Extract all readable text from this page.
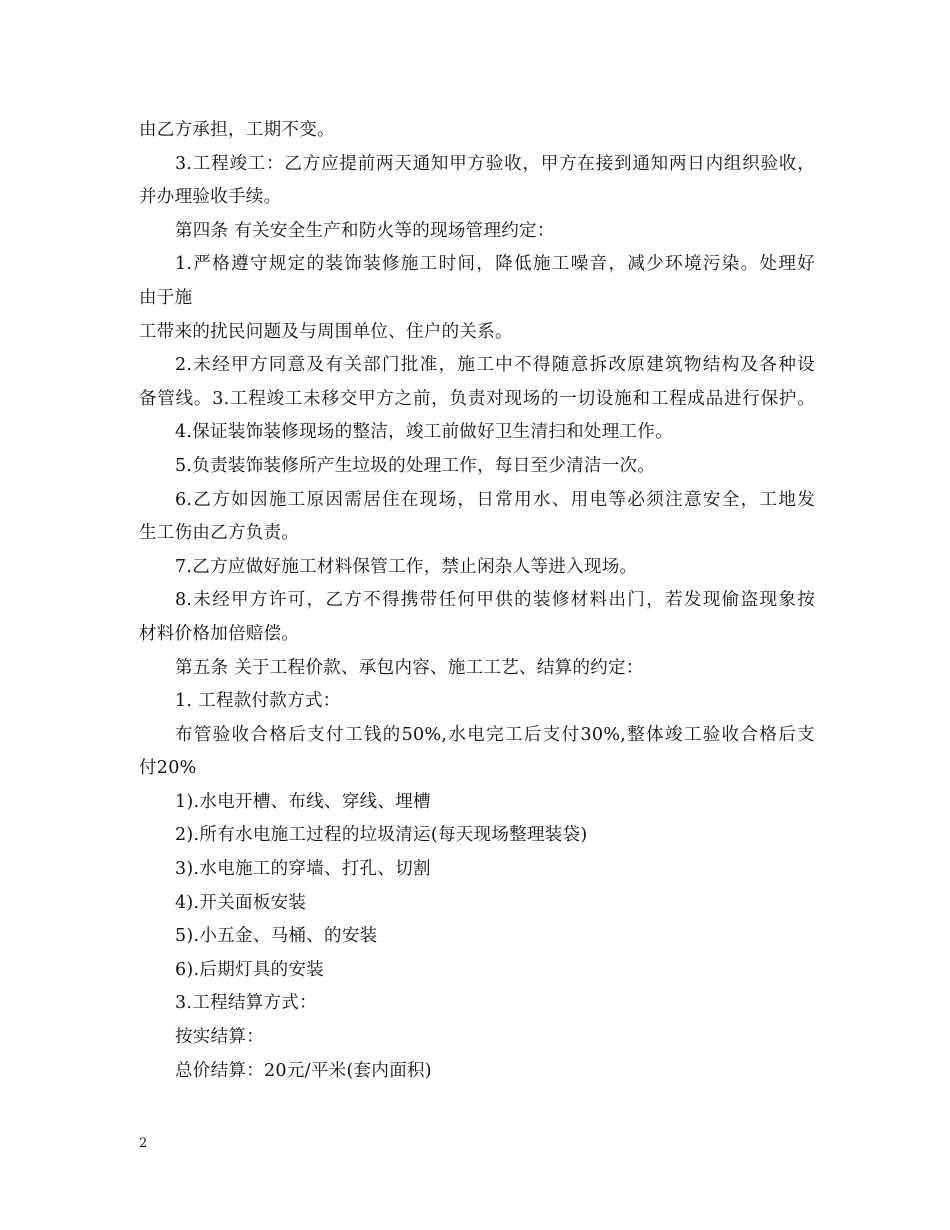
由乙方承担，工期不变。
3.工程竣工：乙方应提前两天通知甲方验收，甲方在接到通知两日内组织验收，
并办理验收手续。
第四条 有关安全生产和防火等的现场管理约定：
1.严格遵守规定的装饰装修施工时间，降低施工噪音，减少环境污染。处理好
由于施
工带来的扰民问题及与周围单位、住户的关系。
2.未经甲方同意及有关部门批准，施工中不得随意拆改原建筑物结构及各种设
备管线。3.工程竣工未移交甲方之前，负责对现场的一切设施和工程成品进行保护。
4.保证装饰装修现场的整洁，竣工前做好卫生清扫和处理工作。
5.负责装饰装修所产生垃圾的处理工作，每日至少清洁一次。
6.乙方如因施工原因需居住在现场，日常用水、用电等必须注意安全，工地发
生工伤由乙方负责。
7.乙方应做好施工材料保管工作，禁止闲杂人等进入现场。
8.未经甲方许可，乙方不得携带任何甲供的装修材料出门，若发现偷盗现象按
材料价格加倍赔偿。
第五条 关于工程价款、承包内容、施工工艺、结算的约定：
1. 工程款付款方式：
布管验收合格后支付工钱的50%,水电完工后支付30%,整体竣工验收合格后支
付20%
1).水电开槽、布线、穿线、埋槽
2).所有水电施工过程的垃圾清运(每天现场整理装袋)
3).水电施工的穿墙、打孔、切割
4).开关面板安装
5).小五金、马桶、的安装
6).后期灯具的安装
3.工程结算方式：
按实结算：
总价结算：20元/平米(套内面积)
2
